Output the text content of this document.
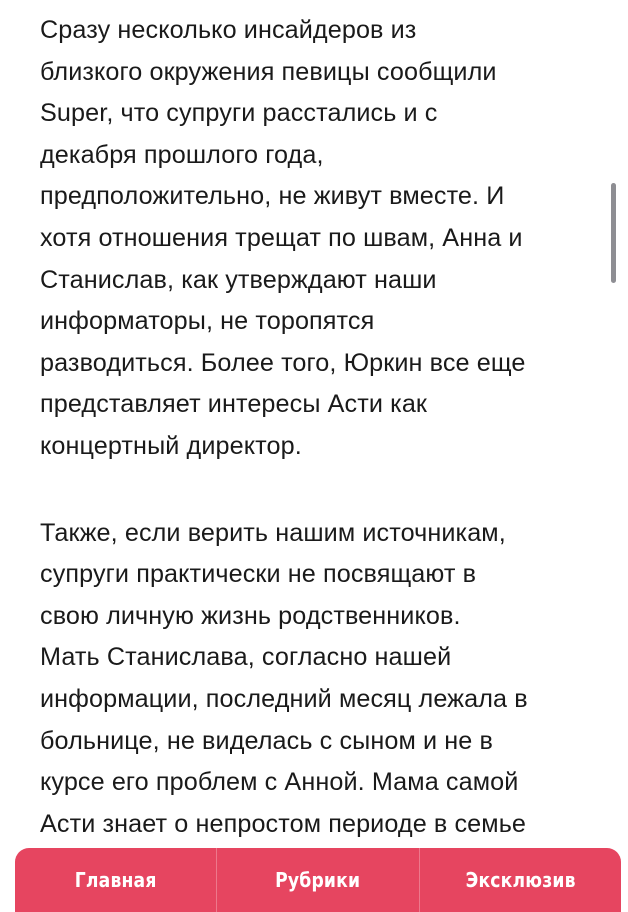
Сразу несколько инсайдеров из
близкого окружения певицы сообщили
Super, что супруги расстались и с
декабря прошлого года,
предположительно, не живут вместе. И
хотя отношения трещат по швам, Анна и
Станислав, как утверждают наши
информаторы, не торопятся
разводиться. Более того, Юркин все еще
представляет интересы Асти как
концертный директор.

Также, если верить нашим источникам,
супруги практически не посвящают в
свою личную жизнь родственников.
Мать Станислава, согласно нашей
информации, последний месяц лежала в
больнице, не виделась с сыном и не в
курсе его проблем с Анной. Мама самой
Асти знает о непростом периоде в семье

Главная	Рубрики	Эксклюзив
